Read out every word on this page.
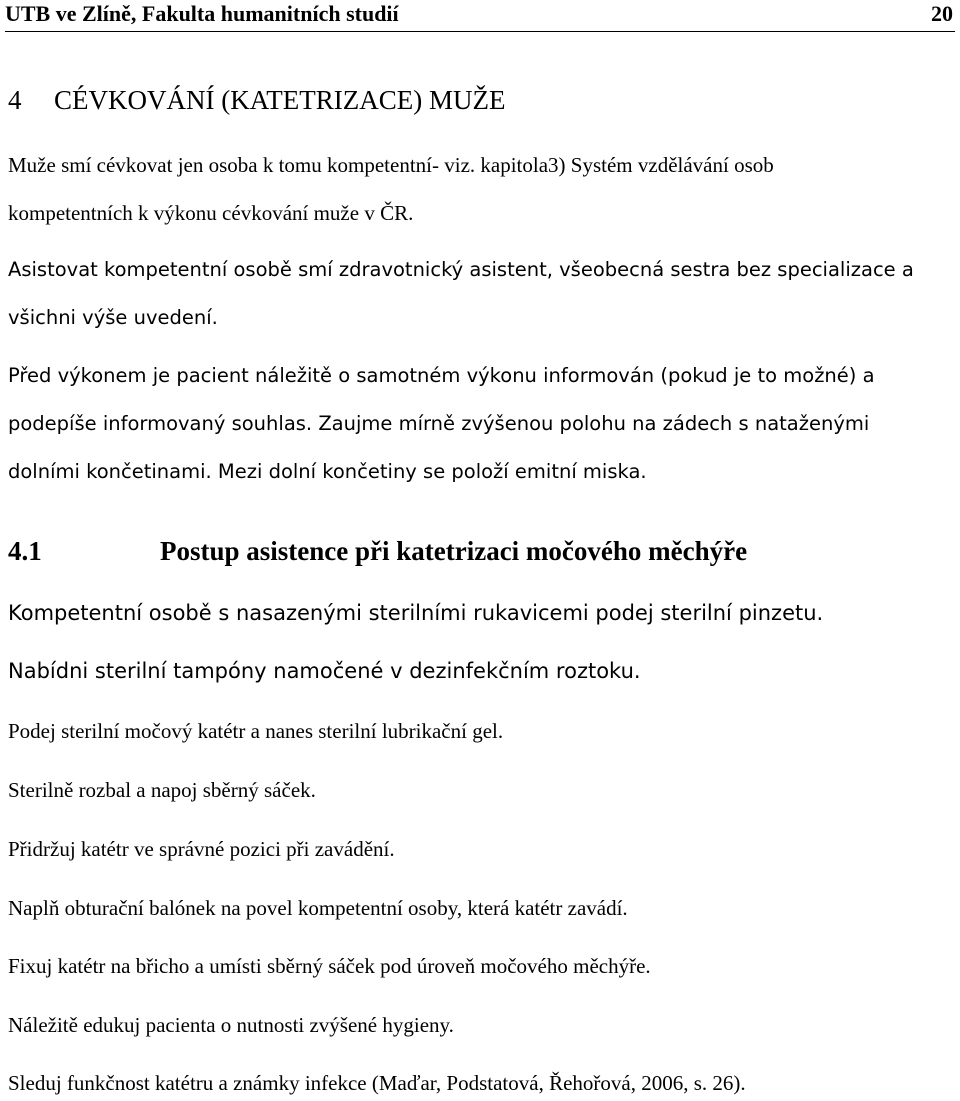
UTB ve Zlíně, Fakulta humanitních studií	20
4 CÉVKOVÁNÍ (KATETRIZACE) MUŽE
Muže smí cévkovat jen osoba k tomu kompetentní- viz. kapitola3) Systém vzdělávání osob
kompetentních k výkonu cévkování muže v ČR.
Asistovat kompetentní osobě smí zdravotnický asistent, všeobecná sestra bez specializace a
všichni výše uvedení.
Před výkonem je pacient náležitě o samotném výkonu informován (pokud je to možné) a
podepíše informovaný souhlas. Zaujme mírně zvýšenou polohu na zádech s nataženými
dolními končetinami. Mezi dolní končetiny se položí emitní miska.
4.1	Postup asistence při katetrizaci močového měchýře
Kompetentní osobě s nasazenými sterilními rukavicemi podej sterilní pinzetu.
Nabídni sterilní tampóny namočené v dezinfekčním roztoku.
Podej sterilní močový katétr a nanes sterilní lubrikační gel.
Sterilně rozbal a napoj sběrný sáček.
Přidržuj katétr ve správné pozici při zavádění.
Naplň obturační balónek na povel kompetentní osoby, která katétr zavádí.
Fixuj katétr na břicho a umísti sběrný sáček pod úroveň močového měchýře.
Náležitě edukuj pacienta o nutnosti zvýšené hygieny.
Sleduj funkčnost katétru a známky infekce (Maďar, Podstatová, Řehořová, 2006, s. 26).
